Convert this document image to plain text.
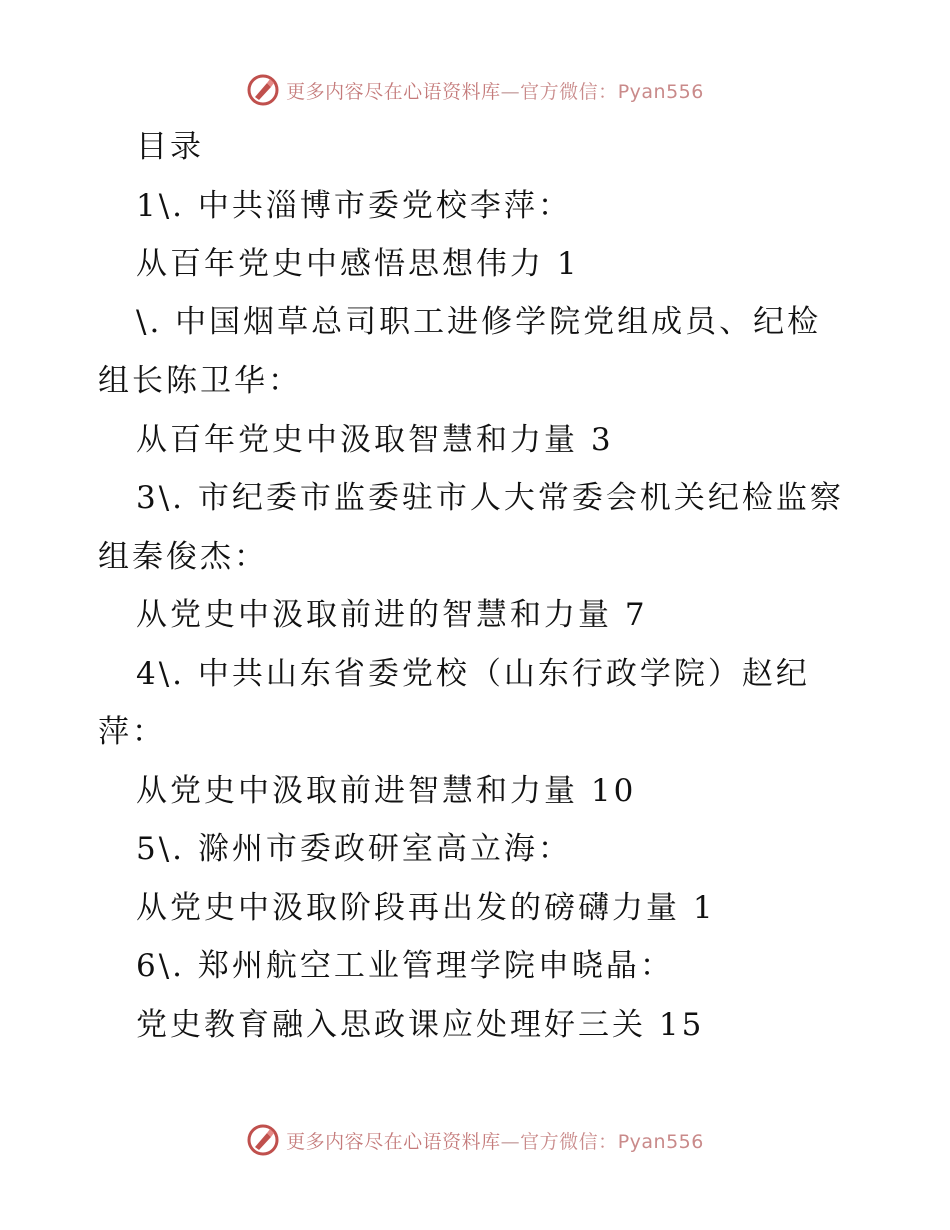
更多内容尽在心语资料库—官方微信：Pyan556
目录
1\. 中共淄博市委党校李萍：
从百年党史中感悟思想伟力 1
\. 中国烟草总司职工进修学院党组成员、纪检
组长陈卫华：
从百年党史中汲取智慧和力量 3
3\. 市纪委市监委驻市人大常委会机关纪检监察
组秦俊杰：
从党史中汲取前进的智慧和力量 7
4\. 中共山东省委党校（山东行政学院）赵纪
萍：
从党史中汲取前进智慧和力量 10
5\. 滁州市委政研室高立海：
从党史中汲取阶段再出发的磅礴力量 1
6\. 郑州航空工业管理学院申晓晶：
党史教育融入思政课应处理好三关 15
更多内容尽在心语资料库—官方微信：Pyan556
